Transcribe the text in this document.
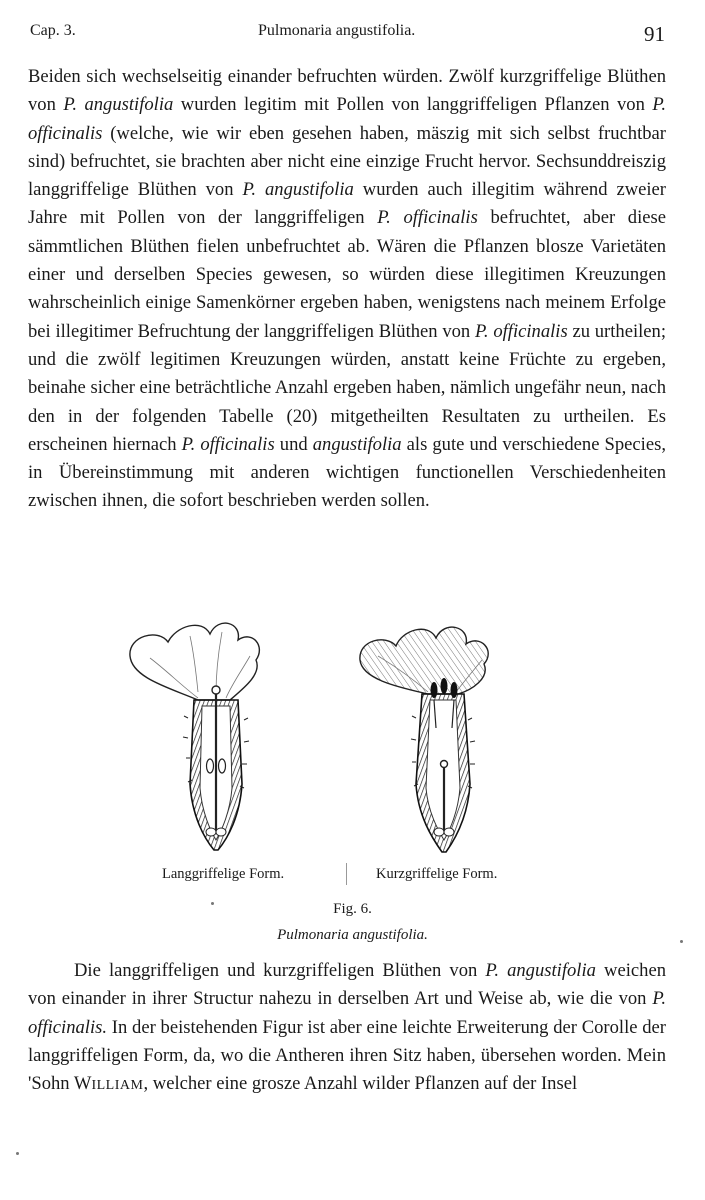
Cap. 3.	Pulmonaria angustifolia.	91

Beiden sich wechselseitig einander befruchten würden. Zwölf kurzgriffelige Blüthen von P. angustifolia wurden legitim mit Pollen von langgriffeligen Pflanzen von P. officinalis (welche, wie wir eben gesehen haben, mäszig mit sich selbst fruchtbar sind) befruchtet, sie brachten aber nicht eine einzige Frucht hervor. Sechsunddreiszig langgriffelige Blüthen von P. angustifolia wurden auch illegitim während zweier Jahre mit Pollen von der langgriffeligen P. officinalis befruchtet, aber diese sämmtlichen Blüthen fielen unbefruchtet ab. Wären die Pflanzen blosze Varietäten einer und derselben Species gewesen, so würden diese illegitimen Kreuzungen wahrscheinlich einige Samenkörner ergeben haben, wenigstens nach meinem Erfolge bei illegitimer Befruchtung der langgriffeligen Blüthen von P. officinalis zu urtheilen; und die zwölf legitimen Kreuzungen würden, anstatt keine Früchte zu ergeben, beinahe sicher eine beträchtliche Anzahl ergeben haben, nämlich ungefähr neun, nach den in der folgenden Tabelle (20) mitgetheilten Resultaten zu urtheilen. Es erscheinen hiernach P. officinalis und angustifolia als gute und verschiedene Species, in Übereinstimmung mit anderen wichtigen functionellen Verschiedenheiten zwischen ihnen, die sofort beschrieben werden sollen.

Langgriffelige Form.	Kurzgriffelige Form.
Fig. 6.
Pulmonaria angustifolia.

Die langgriffeligen und kurzgriffeligen Blüthen von P. angustifolia weichen von einander in ihrer Structur nahezu in derselben Art und Weise ab, wie die von P. officinalis. In der beistehenden Figur ist aber eine leichte Erweiterung der Corolle der langgriffeligen Form, da, wo die Antheren ihren Sitz haben, übersehen worden. Mein 'Sohn WILLIAM, welcher eine grosze Anzahl wilder Pflanzen auf der Insel
